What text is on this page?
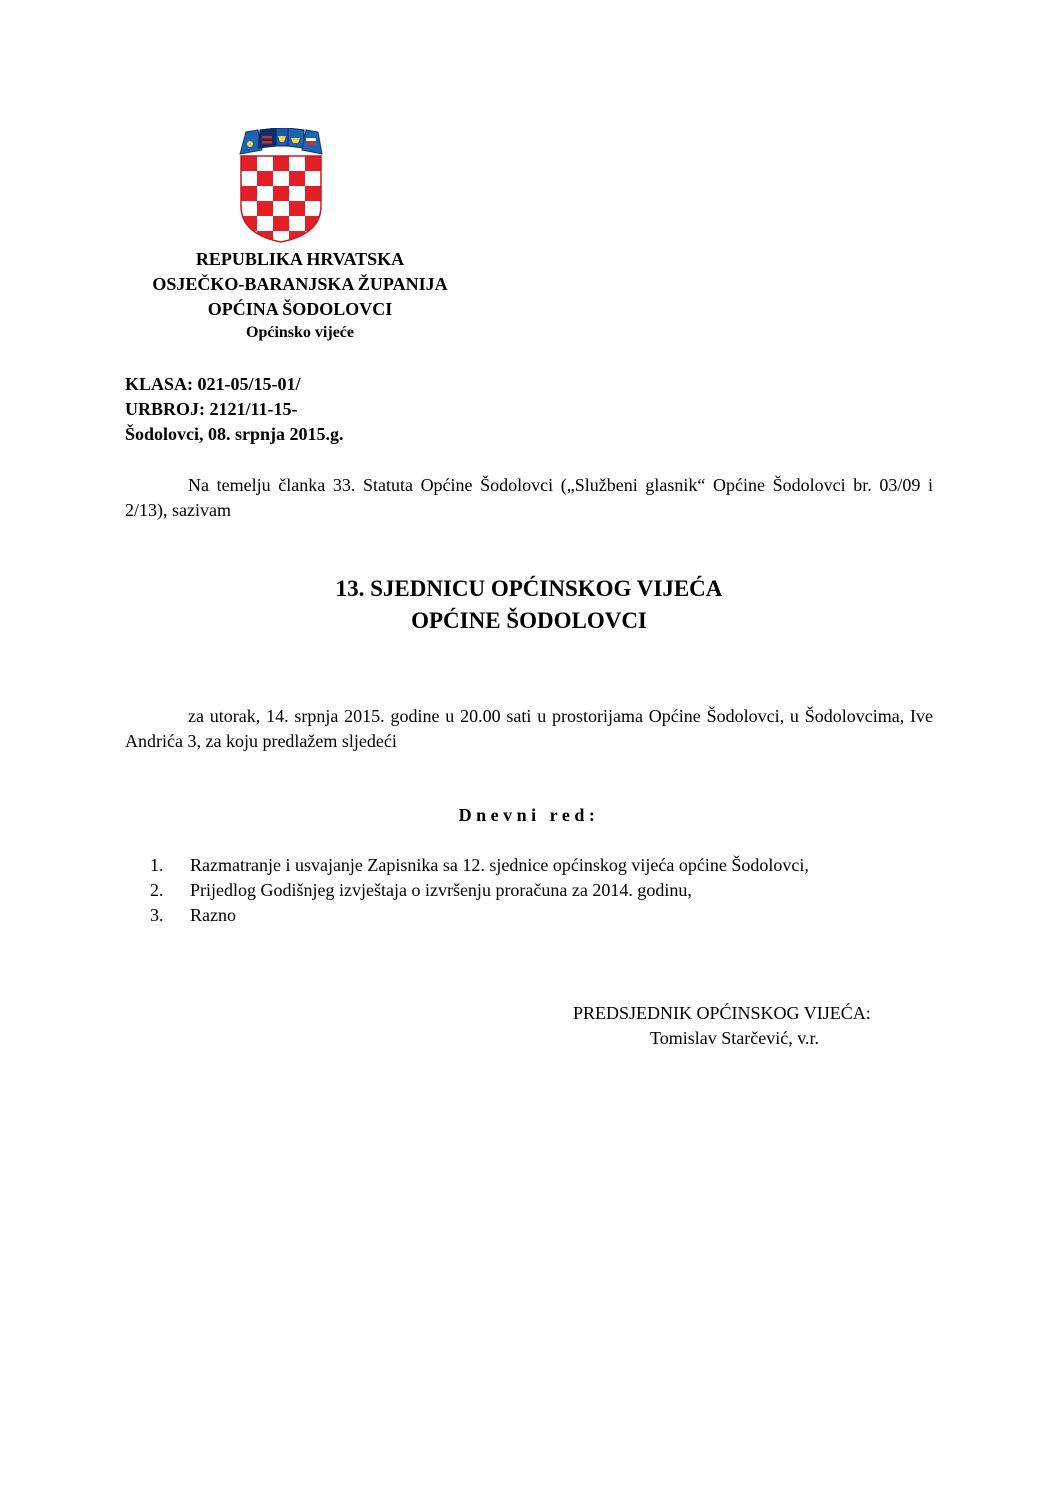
REPUBLIKA HRVATSKA
OSJEČKO-BARANJSKA ŽUPANIJA
OPĆINA ŠODOLOVCI
Općinsko vijeće
KLASA: 021-05/15-01/
URBROJ: 2121/11-15-
Šodolovci, 08. srpnja 2015.g.
Na temelju članka 33. Statuta Općine Šodolovci („Službeni glasnik“ Općine Šodolovci br. 03/09 i 2/13), sazivam
13. SJEDNICU OPĆINSKOG VIJEĆA
OPĆINE ŠODOLOVCI
za utorak, 14. srpnja 2015. godine u 20.00 sati u prostorijama Općine Šodolovci, u Šodolovcima, Ive Andrića 3, za koju predlažem sljedeći
Dnevni red:
1. Razmatranje i usvajanje Zapisnika sa 12. sjednice općinskog vijeća općine Šodolovci,
2. Prijedlog Godišnjeg izvještaja o izvršenju proračuna za 2014. godinu,
3. Razno
PREDSJEDNIK OPĆINSKOG VIJEĆA:
Tomislav Starčević, v.r.
